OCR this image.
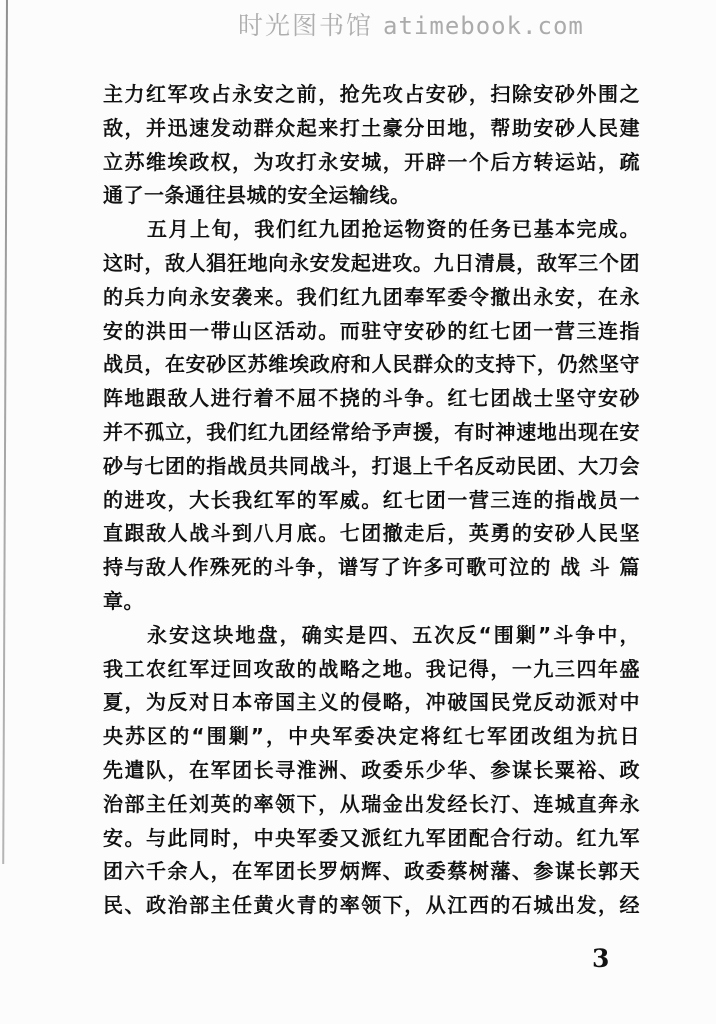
时光图书馆 atimebook.com
主力红军攻占永安之前，抢先攻占安砂，扫除安砂外围之
敌，并迅速发动群众起来打土豪分田地，帮助安砂人民建
立苏维埃政权，为攻打永安城，开辟一个后方转运站，疏
通了一条通往县城的安全运输线。
五月上旬，我们红九团抢运物资的任务已基本完成。
这时，敌人猖狂地向永安发起进攻。九日清晨，敌军三个团
的兵力向永安袭来。我们红九团奉军委令撤出永安，在永
安的洪田一带山区活动。而驻守安砂的红七团一营三连指
战员，在安砂区苏维埃政府和人民群众的支持下，仍然坚守
阵地跟敌人进行着不屈不挠的斗争。红七团战士坚守安砂
并不孤立，我们红九团经常给予声援，有时神速地出现在安
砂与七团的指战员共同战斗，打退上千名反动民团、大刀会
的进攻，大长我红军的军威。红七团一营三连的指战员一
直跟敌人战斗到八月底。七团撤走后，英勇的安砂人民坚
持与敌人作殊死的斗争，谱写了许多可歌可泣的 战 斗 篇
章。
永安这块地盘，确实是四、五次反“围剿”斗争中，
我工农红军迂回攻敌的战略之地。我记得，一九三四年盛
夏，为反对日本帝国主义的侵略，冲破国民党反动派对中
央苏区的“围剿”，中央军委决定将红七军团改组为抗日
先遣队，在军团长寻淮洲、政委乐少华、参谋长粟裕、政
治部主任刘英的率领下，从瑞金出发经长汀、连城直奔永
安。与此同时，中央军委又派红九军团配合行动。红九军
团六千余人，在军团长罗炳辉、政委蔡树藩、参谋长郭天
民、政治部主任黄火青的率领下，从江西的石城出发，经
3
